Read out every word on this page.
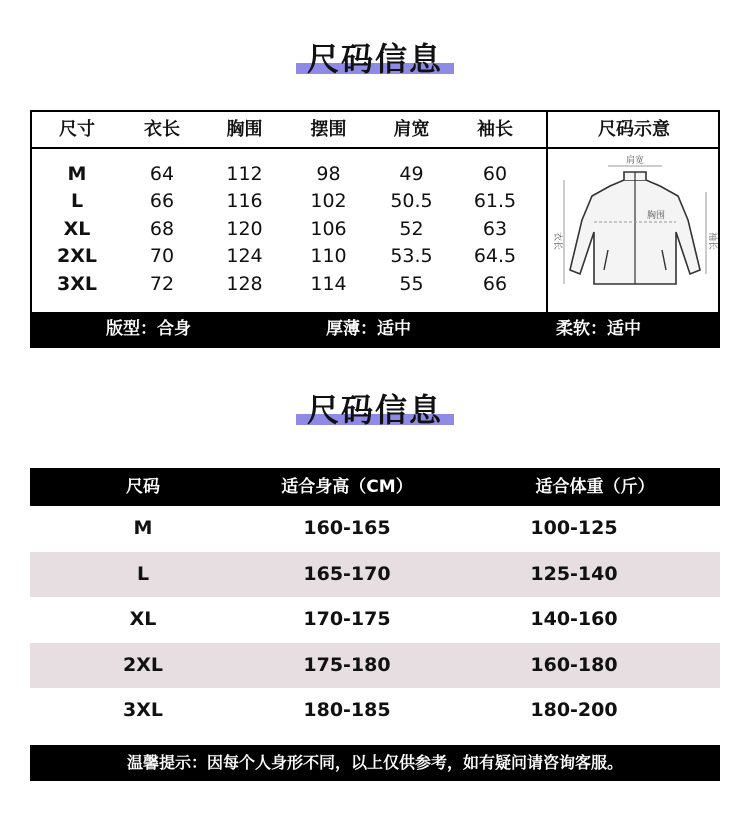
尺码信息
尺寸	衣长	胸围	摆围	肩宽	袖长
M	64	112	98	49	60
L	66	116	102	50.5	61.5
XL	68	120	106	52	63
2XL	70	124	110	53.5	64.5
3XL	72	128	114	55	66
尺码示意
肩宽
胸围
衣长	袖长
版型：合身	厚薄：适中	柔软：适中
尺码信息
尺码	适合身高（CM）	适合体重（斤）
M	160-165	100-125
L	165-170	125-140
XL	170-175	140-160
2XL	175-180	160-180
3XL	180-185	180-200
温馨提示：因每个人身形不同，以上仅供参考，如有疑问请咨询客服。
